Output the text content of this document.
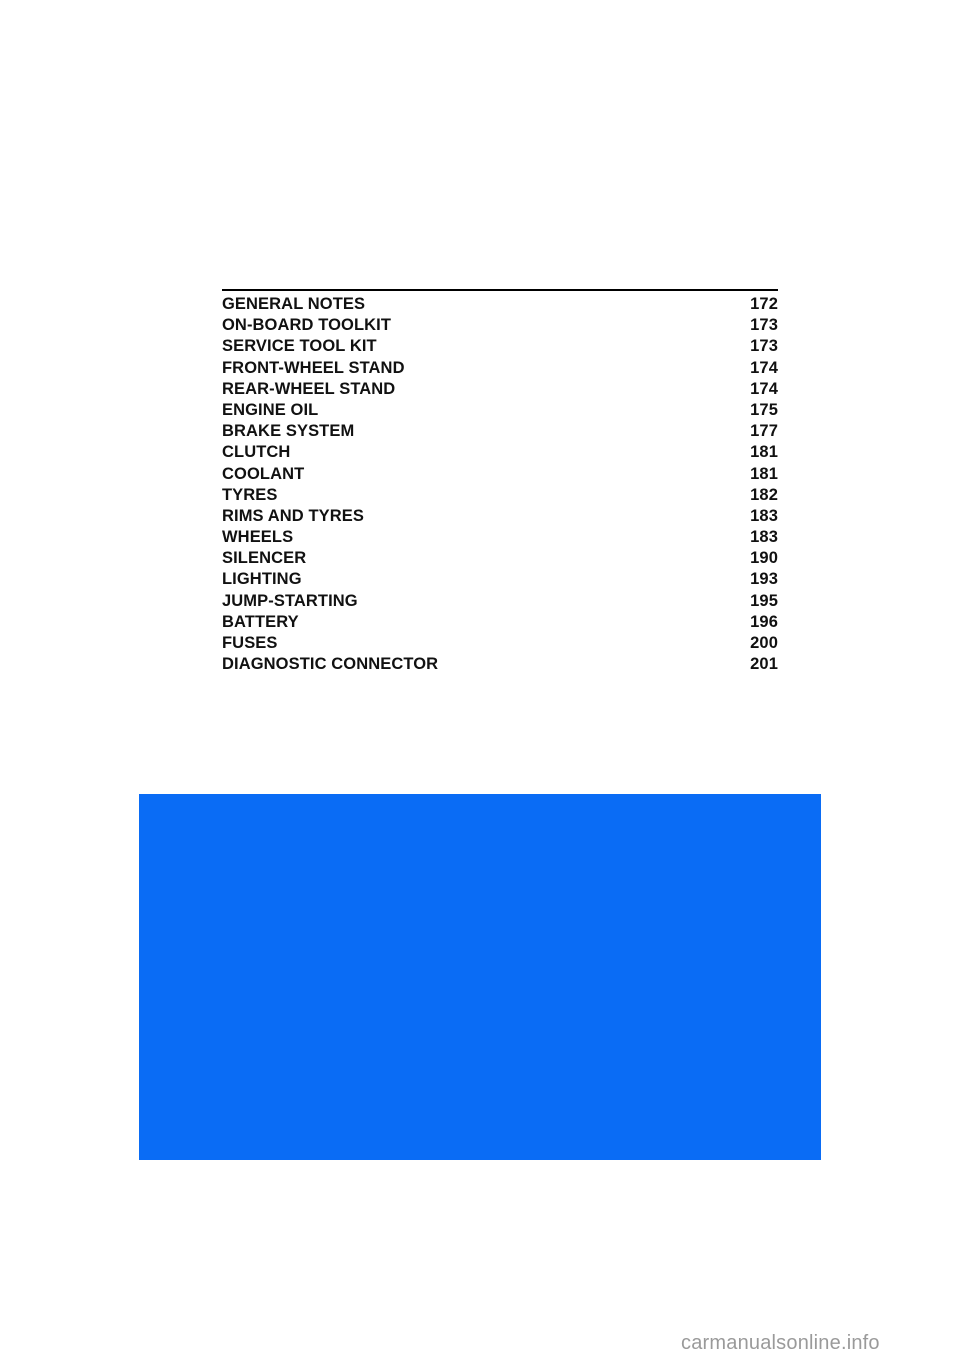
GENERAL NOTES	172
ON-BOARD TOOLKIT	173
SERVICE TOOL KIT	173
FRONT-WHEEL STAND	174
REAR-WHEEL STAND	174
ENGINE OIL	175
BRAKE SYSTEM	177
CLUTCH	181
COOLANT	181
TYRES	182
RIMS AND TYRES	183
WHEELS	183
SILENCER	190
LIGHTING	193
JUMP-STARTING	195
BATTERY	196
FUSES	200
DIAGNOSTIC CONNECTOR	201
carmanualsonline.info
